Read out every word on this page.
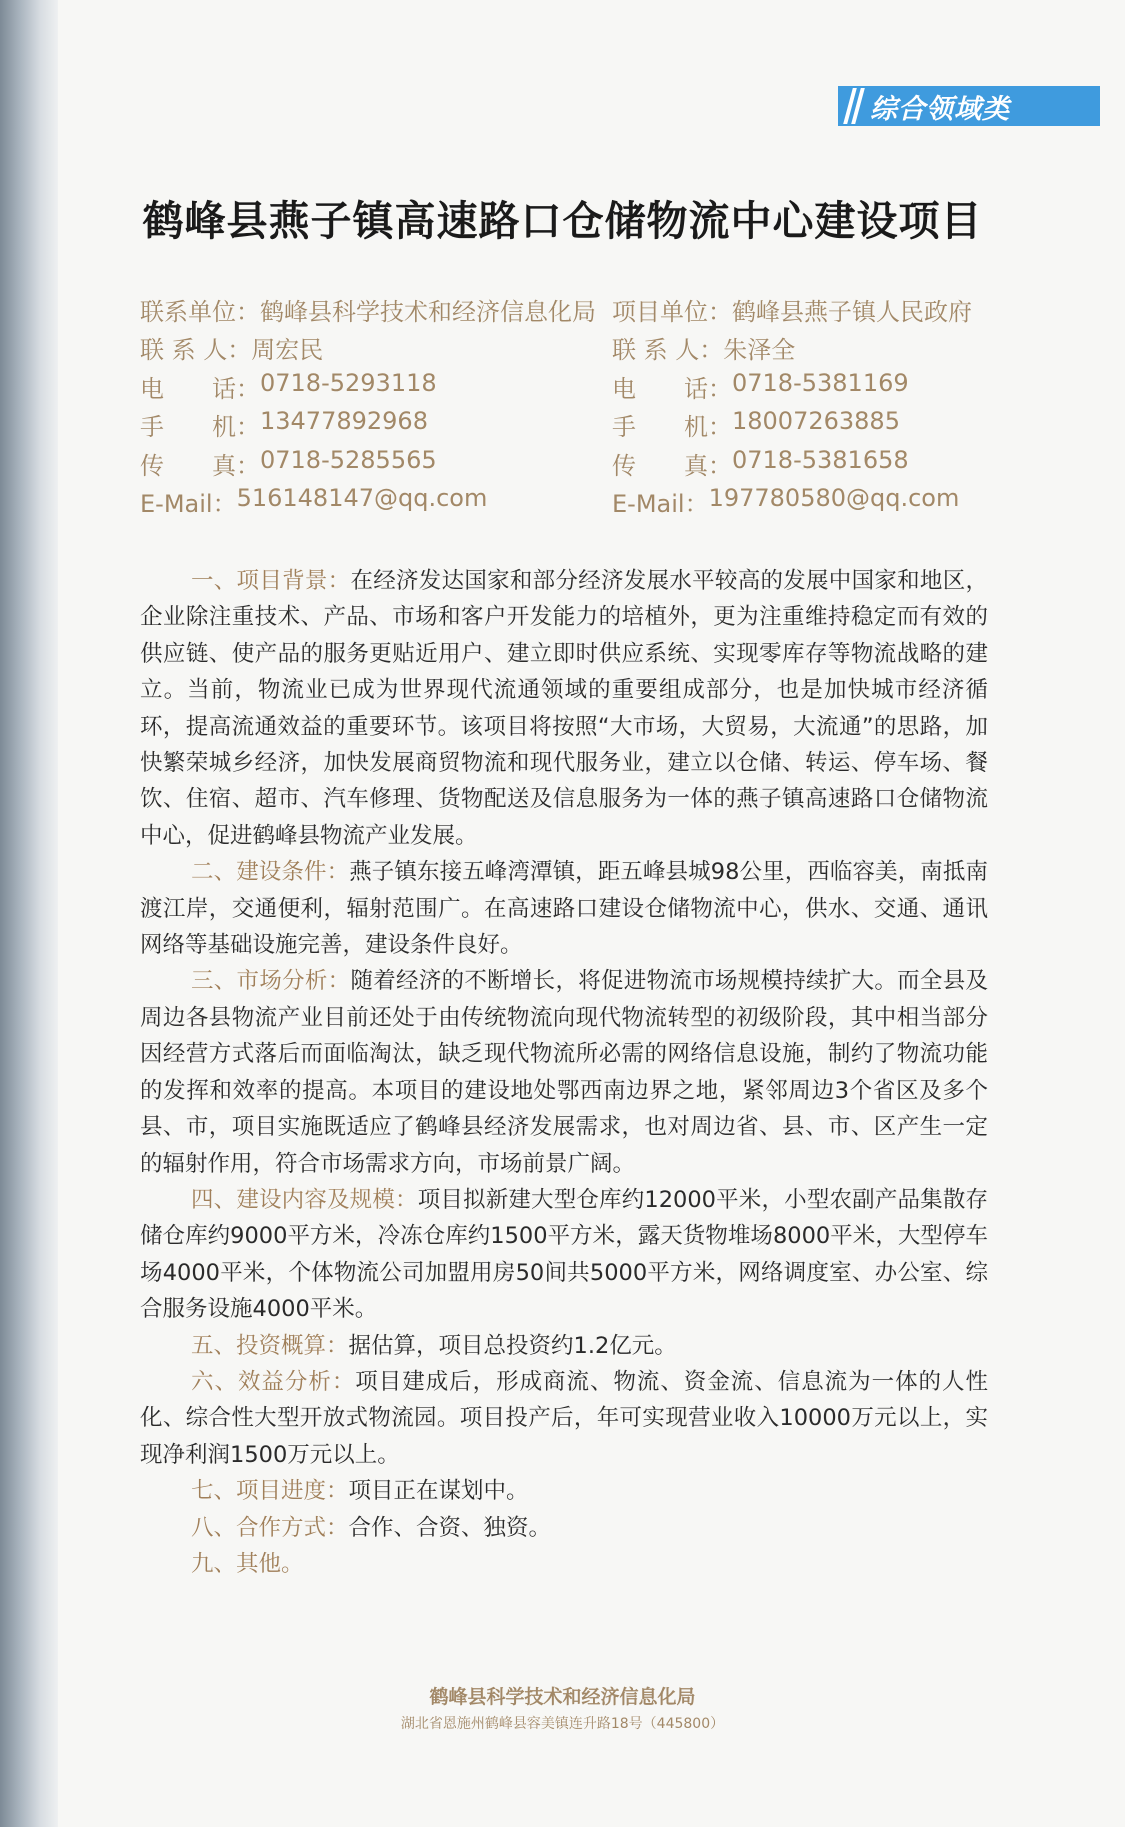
综合领域类
鹤峰县燕子镇高速路口仓储物流中心建设项目
联系单位： 鹤峰县科学技术和经济信息化局 项目单位： 鹤峰县燕子镇人民政府
联 系 人： 周宏民	联 系 人： 朱泽全
电　　话： 0718-5293118	电　　话： 0718-5381169
手　　机： 13477892968	手　　机： 18007263885
传　　真： 0718-5285565	传　　真： 0718-5381658
E-Mail： 516148147@qq.com	E-Mail： 197780580@qq.com

一、项目背景：在经济发达国家和部分经济发展水平较高的发展中国家和地区，企业除注重技术、产品、市场和客户开发能力的培植外，更为注重维持稳定而有效的供应链、使产品的服务更贴近用户、建立即时供应系统、实现零库存等物流战略的建立。当前，物流业已成为世界现代流通领域的重要组成部分，也是加快城市经济循环，提高流通效益的重要环节。该项目将按照“大市场，大贸易，大流通”的思路，加快繁荣城乡经济，加快发展商贸物流和现代服务业，建立以仓储、转运、停车场、餐饮、住宿、超市、汽车修理、货物配送及信息服务为一体的燕子镇高速路口仓储物流中心，促进鹤峰县物流产业发展。

二、建设条件：燕子镇东接五峰湾潭镇，距五峰县城98公里，西临容美，南抵南渡江岸，交通便利，辐射范围广。在高速路口建设仓储物流中心，供水、交通、通讯网络等基础设施完善，建设条件良好。

三、市场分析：随着经济的不断增长，将促进物流市场规模持续扩大。而全县及周边各县物流产业目前还处于由传统物流向现代物流转型的初级阶段，其中相当部分因经营方式落后而面临淘汰，缺乏现代物流所必需的网络信息设施，制约了物流功能的发挥和效率的提高。本项目的建设地处鄂西南边界之地，紧邻周边3个省区及多个县、市，项目实施既适应了鹤峰县经济发展需求，也对周边省、县、市、区产生一定的辐射作用，符合市场需求方向，市场前景广阔。

四、建设内容及规模：项目拟新建大型仓库约12000平米，小型农副产品集散存储仓库约9000平方米，冷冻仓库约1500平方米，露天货物堆场8000平米，大型停车场4000平米，个体物流公司加盟用房50间共5000平方米，网络调度室、办公室、综合服务设施4000平米。

五、投资概算：据估算，项目总投资约1.2亿元。

六、效益分析：项目建成后，形成商流、物流、资金流、信息流为一体的人性化、综合性大型开放式物流园。项目投产后，年可实现营业收入10000万元以上，实现净利润1500万元以上。

七、项目进度：项目正在谋划中。

八、合作方式：合作、合资、独资。

九、其他。

鹤峰县科学技术和经济信息化局
湖北省恩施州鹤峰县容美镇连升路18号（445800）
